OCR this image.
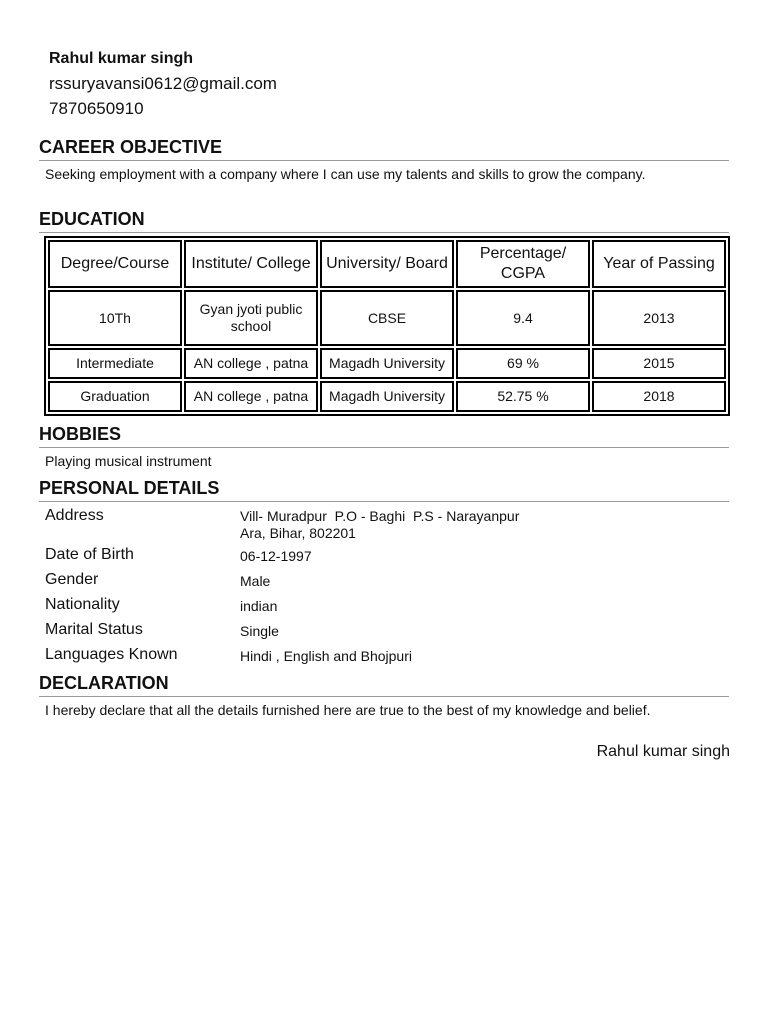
Rahul kumar singh
rssuryavansi0612@gmail.com
7870650910
CAREER OBJECTIVE
Seeking employment with a company where I can use my talents and skills to grow the company.
EDUCATION
Degree/Course	Institute/ College	University/ Board	Percentage/ CGPA	Year of Passing
10Th	Gyan jyoti public school	CBSE	9.4	2013
Intermediate	AN college , patna	Magadh University	69 %	2015
Graduation	AN college , patna	Magadh University	52.75 %	2018
HOBBIES
Playing musical instrument
PERSONAL DETAILS
Address	Vill- Muradpur  P.O - Baghi  P.S - Narayanpur
Ara, Bihar, 802201
Date of Birth	06-12-1997
Gender	Male
Nationality	indian
Marital Status	Single
Languages Known	Hindi , English and Bhojpuri
DECLARATION
I hereby declare that all the details furnished here are true to the best of my knowledge and belief.
Rahul kumar singh
